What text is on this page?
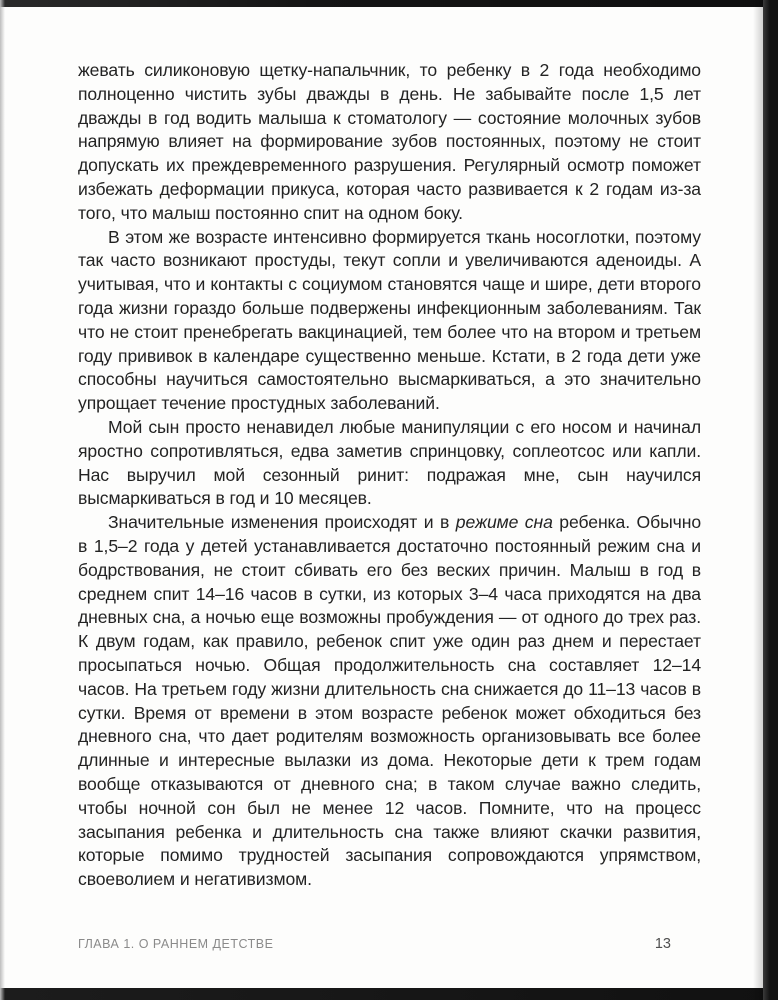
жевать силиконовую щетку-напальчник, то ребенку в 2 года необходимо полноценно чистить зубы дважды в день. Не забывайте после 1,5 лет дважды в год водить малыша к стоматологу — состояние молочных зубов напрямую влияет на формирование зубов постоянных, поэтому не стоит допускать их преждевременного разрушения. Регулярный осмотр поможет избежать деформации прикуса, которая часто развивается к 2 годам из-за того, что малыш постоянно спит на одном боку.

В этом же возрасте интенсивно формируется ткань носоглотки, поэтому так часто возникают простуды, текут сопли и увеличиваются аденоиды. А учитывая, что и контакты с социумом становятся чаще и шире, дети второго года жизни гораздо больше подвержены инфекционным заболеваниям. Так что не стоит пренебрегать вакцинацией, тем более что на втором и третьем году прививок в календаре существенно меньше. Кстати, в 2 года дети уже способны научиться самостоятельно высмаркиваться, а это значительно упрощает течение простудных заболеваний.

Мой сын просто ненавидел любые манипуляции с его носом и начинал яростно сопротивляться, едва заметив спринцовку, соплеотсос или капли. Нас выручил мой сезонный ринит: подражая мне, сын научился высмаркиваться в год и 10 месяцев.

Значительные изменения происходят и в режиме сна ребенка. Обычно в 1,5–2 года у детей устанавливается достаточно постоянный режим сна и бодрствования, не стоит сбивать его без веских причин. Малыш в год в среднем спит 14–16 часов в сутки, из которых 3–4 часа приходятся на два дневных сна, а ночью еще возможны пробуждения — от одного до трех раз. К двум годам, как правило, ребенок спит уже один раз днем и перестает просыпаться ночью. Общая продолжительность сна составляет 12–14 часов. На третьем году жизни длительность сна снижается до 11–13 часов в сутки. Время от времени в этом возрасте ребенок может обходиться без дневного сна, что дает родителям возможность организовывать все более длинные и интересные вылазки из дома. Некоторые дети к трем годам вообще отказываются от дневного сна; в таком случае важно следить, чтобы ночной сон был не менее 12 часов. Помните, что на процесс засыпания ребенка и длительность сна также влияют скачки развития, которые помимо трудностей засыпания сопровождаются упрямством, своеволием и негативизмом.

ГЛАВА 1. О РАННЕМ ДЕТСТВЕ	13
